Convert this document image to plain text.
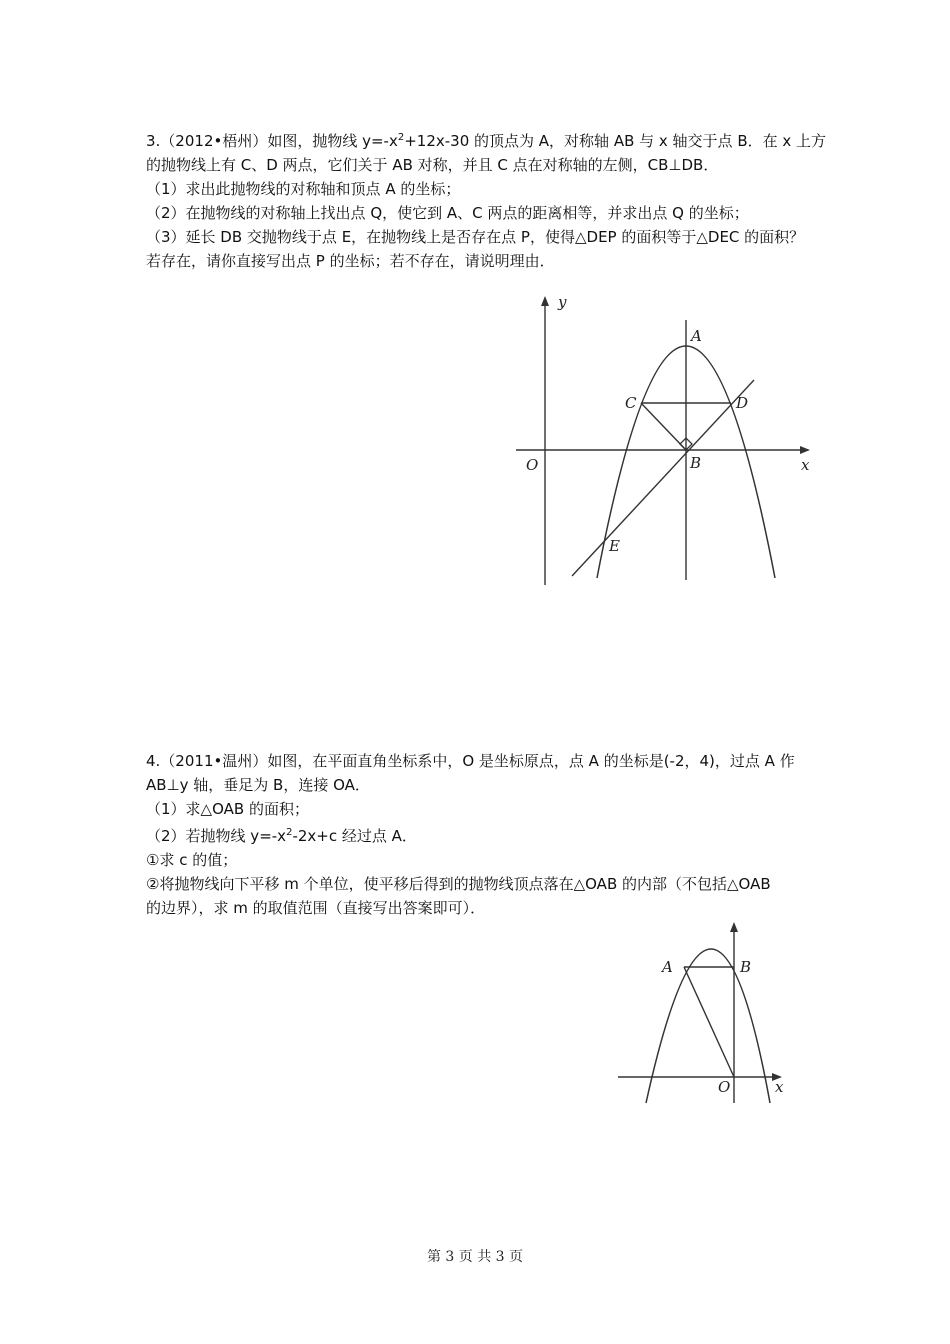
3.（2012•梧州）如图，抛物线 $y=-x^2+12x-30$ 的顶点为 A，对称轴 AB 与 x 轴交于点 B．在 x 上方

的抛物线上有 C、D 两点，它们关于 AB 对称，并且 C 点在对称轴的左侧，CB⊥DB．

（1）求出此抛物线的对称轴和顶点 A 的坐标；

（2）在抛物线的对称轴上找出点 Q，使它到 A、C 两点的距离相等，并求出点 Q 的坐标；

（3）延长 DB 交抛物线于点 E，在抛物线上是否存在点 P，使得△DEP 的面积等于△DEC 的面积？

若存在，请你直接写出点 P 的坐标；若不存在，请说明理由．

y
x
O
A
B
C	D
E

4.（2011•温州）如图，在平面直角坐标系中，O 是坐标原点，点 A 的坐标是(-2，4)，过点 A 作

AB⊥y 轴，垂足为 B，连接 OA．

（1）求△OAB 的面积；

（2）若抛物线 $y=-x^2-2x+c$ 经过点 A．

①求 c 的值；

②将抛物线向下平移 m 个单位，使平移后得到的抛物线顶点落在△OAB 的内部（不包括△OAB

的边界），求 m 的取值范围（直接写出答案即可）．

A	B
O	x
第 3 页 共 3 页
